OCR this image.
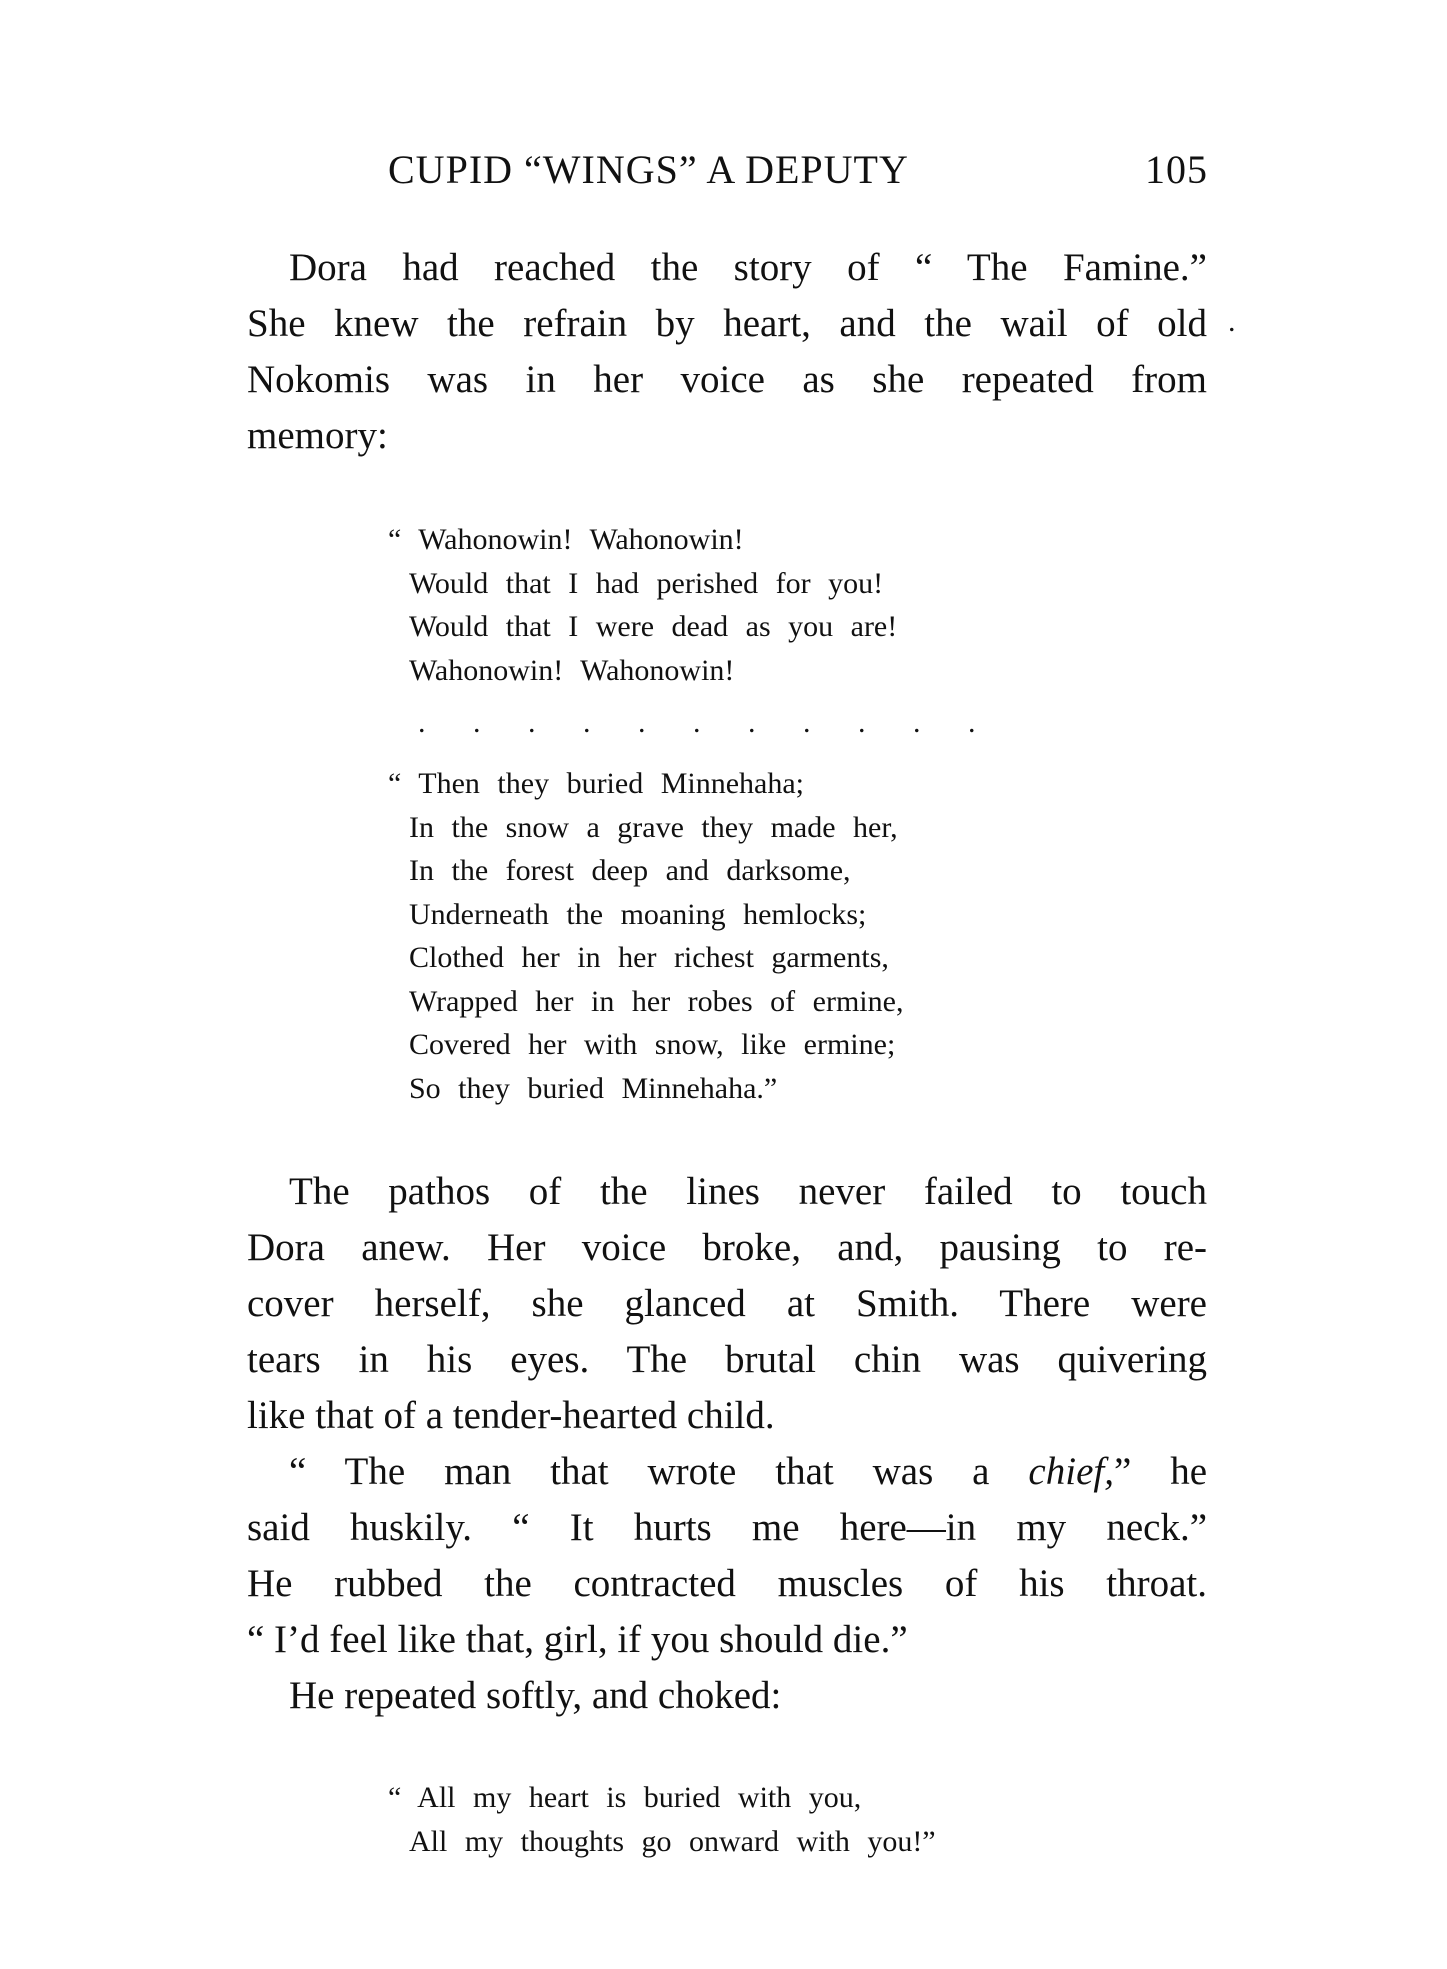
CUPID “WINGS” A DEPUTY	105
Dora had reached the story of “ The Famine.”
She knew the refrain by heart, and the wail of old
Nokomis was in her voice as she repeated from
memory:
.
“ Wahonowin! Wahonowin!
Would that I had perished for you!
Would that I were dead as you are!
Wahonowin! Wahonowin!
. . . . . . . . . . .
“ Then they buried Minnehaha;
In the snow a grave they made her,
In the forest deep and darksome,
Underneath the moaning hemlocks;
Clothed her in her richest garments,
Wrapped her in her robes of ermine,
Covered her with snow, like ermine;
So they buried Minnehaha.”
The pathos of the lines never failed to touch
Dora anew. Her voice broke, and, pausing to re-
cover herself, she glanced at Smith. There were
tears in his eyes. The brutal chin was quivering
like that of a tender-hearted child.
“ The man that wrote that was a chief,” he
said huskily. “ It hurts me here—in my neck.”
He rubbed the contracted muscles of his throat.
“ I’d feel like that, girl, if you should die.”
He repeated softly, and choked:
“ All my heart is buried with you,
All my thoughts go onward with you!”
